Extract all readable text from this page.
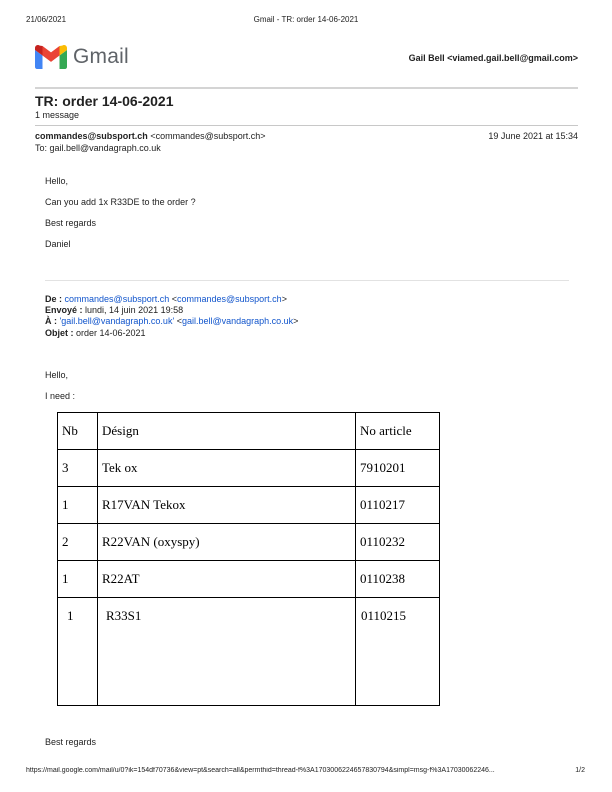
21/06/2021	Gmail - TR: order 14-06-2021
Gmail	Gail Bell <viamed.gail.bell@gmail.com>
TR: order 14-06-2021
1 message
commandes@subsport.ch <commandes@subsport.ch>	19 June 2021 at 15:34
To: gail.bell@vandagraph.co.uk
Hello,
Can you add 1x R33DE to the order ?
Best regards
Daniel
De : commandes@subsport.ch <commandes@subsport.ch>
Envoyé : lundi, 14 juin 2021 19:58
À : 'gail.bell@vandagraph.co.uk' <gail.bell@vandagraph.co.uk>
Objet : order 14-06-2021
Hello,
I need :
Nb	Désign	No article
3	Tek ox	7910201
1	R17VAN Tekox	0110217
2	R22VAN (oxyspy)	0110232
1	R22AT	0110238
1	R33S1	0110215
Best regards
https://mail.google.com/mail/u/0?ik=154df70736&view=pt&search=all&permthid=thread-f%3A1703006224657830794&simpl=msg-f%3A17030062246...	1/2
